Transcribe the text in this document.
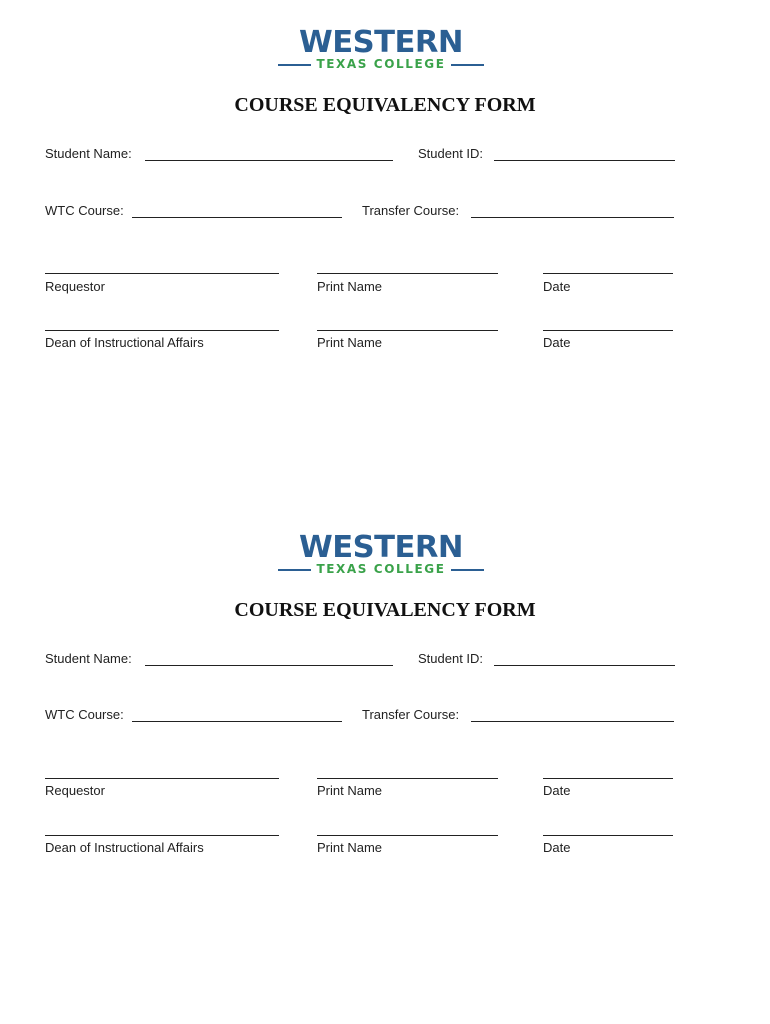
WESTERN
TEXAS COLLEGE
COURSE EQUIVALENCY FORM
Student Name:	Student ID:
WTC Course:	Transfer Course:
Requestor	Print Name	Date
Dean of Instructional Affairs	Print Name	Date
WESTERN
TEXAS COLLEGE
COURSE EQUIVALENCY FORM
Student Name:	Student ID:
WTC Course:	Transfer Course:
Requestor	Print Name	Date
Dean of Instructional Affairs	Print Name	Date
